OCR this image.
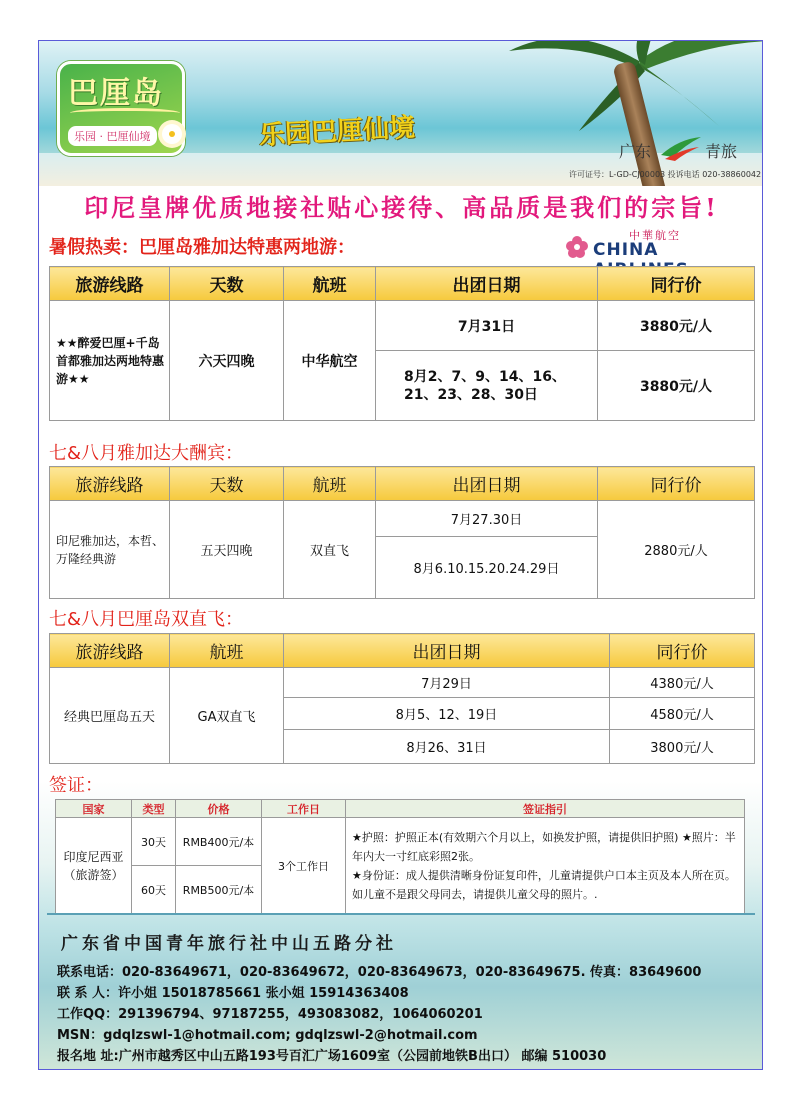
巴厘岛
乐园 · 巴厘仙境	乐园巴厘仙境
广东	青旅
许可证号：L-GD-CJ00003 投诉电话 020-38860042
印尼皇牌优质地接社贴心接待、高品质是我们的宗旨!
暑假热卖：巴厘岛雅加达特惠两地游：
中華航空
CHINA
旅游线路	天数	航班	出团日期	同行价
★★醉爱巴厘+千岛首都雅加达两地特惠游★★	六天四晚	中华航空	7月31日	3880元/人
			8月2、7、9、14、16、21、23、28、30日	3880元/人
七&八月雅加达大酬宾：
旅游线路	天数	航班	出团日期	同行价
印尼雅加达，本哲、万隆经典游	五天四晚	双直飞	7月27.30日	2880元/人
			8月6.10.15.20.24.29日	
七&八月巴厘岛双直飞：
旅游线路	航班	出团日期	同行价
经典巴厘岛五天	GA双直飞	7月29日	4380元/人
		8月5、12、19日	4580元/人
		8月26、31日	3800元/人
签证：
国家	类型	价格	工作日	签证指引
印度尼西亚（旅游签）	30天	RMB400元/本	3个工作日	★护照：护照正本(有效期六个月以上，如换发护照，请提供旧护照) ★照片：半年内大一寸红底彩照2张。
★身份证：成人提供清晰身份证复印件，儿童请提供户口本主页及本人所在页。如儿童不是跟父母同去，请提供儿童父母的照片。.

	60天	RMB500元/本		
广东省中国青年旅行社中山五路分社
联系电话：020-83649671，020-83649672，020-83649673，020-83649675. 传真：83649600
联 系 人：许小姐 15018785661 张小姐 15914363408
工作QQ：291396794、97187255，493083082，1064060201
MSN：gdqlzswl-1@hotmail.com; gdqlzswl-2@hotmail.com
报名地 址:广州市越秀区中山五路193号百汇广场1609室（公园前地铁B出口） 邮编 510030
